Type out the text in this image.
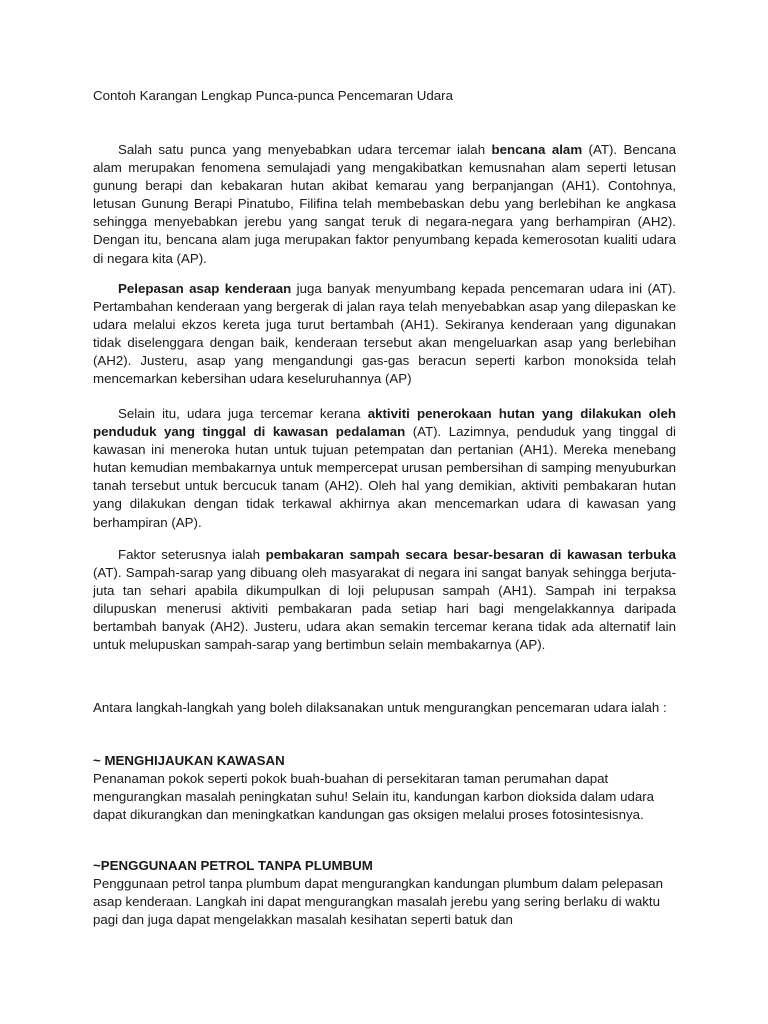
Contoh Karangan Lengkap Punca-punca Pencemaran Udara
Salah satu punca yang menyebabkan udara tercemar ialah bencana alam (AT). Bencana alam merupakan fenomena semulajadi yang mengakibatkan kemusnahan alam seperti letusan gunung berapi dan kebakaran hutan akibat kemarau yang berpanjangan (AH1). Contohnya, letusan Gunung Berapi Pinatubo, Filifina telah membebaskan debu yang berlebihan ke angkasa sehingga menyebabkan jerebu yang sangat teruk di negara-negara yang berhampiran (AH2). Dengan itu, bencana alam juga merupakan faktor penyumbang kepada kemerosotan kualiti udara di negara kita (AP).
Pelepasan asap kenderaan juga banyak menyumbang kepada pencemaran udara ini (AT). Pertambahan kenderaan yang bergerak di jalan raya telah menyebabkan asap yang dilepaskan ke udara melalui ekzos kereta juga turut bertambah (AH1). Sekiranya kenderaan yang digunakan tidak diselenggara dengan baik, kenderaan tersebut akan mengeluarkan asap yang berlebihan (AH2). Justeru, asap yang mengandungi gas-gas beracun seperti karbon monoksida telah mencemarkan kebersihan udara keseluruhannya (AP)
Selain itu, udara juga tercemar kerana aktiviti penerokaan hutan yang dilakukan oleh penduduk yang tinggal di kawasan pedalaman (AT). Lazimnya, penduduk yang tinggal di kawasan ini meneroka hutan untuk tujuan petempatan dan pertanian (AH1). Mereka menebang hutan kemudian membakarnya untuk mempercepat urusan pembersihan di samping menyuburkan tanah tersebut untuk bercucuk tanam (AH2). Oleh hal yang demikian, aktiviti pembakaran hutan yang dilakukan dengan tidak terkawal akhirnya akan mencemarkan udara di kawasan yang berhampiran (AP).
Faktor seterusnya ialah pembakaran sampah secara besar-besaran di kawasan terbuka (AT). Sampah-sarap yang dibuang oleh masyarakat di negara ini sangat banyak sehingga berjuta-juta tan sehari apabila dikumpulkan di loji pelupusan sampah (AH1). Sampah ini terpaksa dilupuskan menerusi aktiviti pembakaran pada setiap hari bagi mengelakkannya daripada bertambah banyak (AH2). Justeru, udara akan semakin tercemar kerana tidak ada alternatif lain untuk melupuskan sampah-sarap yang bertimbun selain membakarnya (AP).
Antara langkah-langkah yang boleh dilaksanakan untuk mengurangkan pencemaran udara ialah :
~ MENGHIJAUKAN KAWASAN
Penanaman pokok seperti pokok buah-buahan di persekitaran taman perumahan dapat mengurangkan masalah peningkatan suhu! Selain itu, kandungan karbon dioksida dalam udara dapat dikurangkan dan meningkatkan kandungan gas oksigen melalui proses fotosintesisnya.
~PENGGUNAAN PETROL TANPA PLUMBUM
Penggunaan petrol tanpa plumbum dapat mengurangkan kandungan plumbum dalam pelepasan asap kenderaan. Langkah ini dapat mengurangkan masalah jerebu yang sering berlaku di waktu pagi dan juga dapat mengelakkan masalah kesihatan seperti batuk dan
